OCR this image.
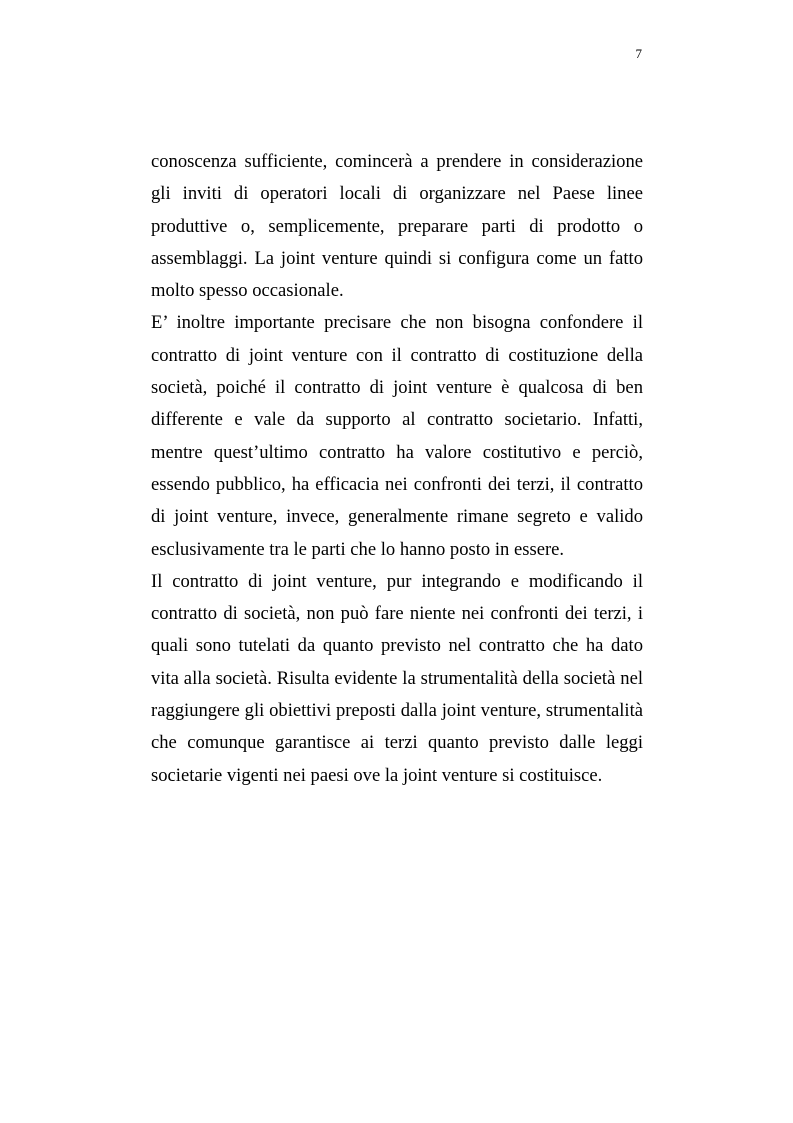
7

conoscenza sufficiente, comincerà a prendere in considerazione gli inviti di operatori locali di organizzare nel Paese linee produttive o, semplicemente, preparare parti di prodotto o assemblaggi. La joint venture quindi si configura come un fatto molto spesso occasionale.

E’ inoltre importante precisare che non bisogna confondere il contratto di joint venture con il contratto di costituzione della società, poiché il contratto di joint venture è qualcosa di ben differente e vale da supporto al contratto societario. Infatti, mentre quest’ultimo contratto ha valore costitutivo e perciò, essendo pubblico, ha efficacia nei confronti dei terzi, il contratto di joint venture, invece, generalmente rimane segreto e valido esclusivamente tra le parti che lo hanno posto in essere.

Il contratto di joint venture, pur integrando e modificando il contratto di società, non può fare niente nei confronti dei terzi, i quali sono tutelati da quanto previsto nel contratto che ha dato vita alla società. Risulta evidente la strumentalità della società nel raggiungere gli obiettivi preposti dalla joint venture, strumentalità che comunque garantisce ai terzi quanto previsto dalle leggi societarie vigenti nei paesi ove la joint venture si costituisce.
